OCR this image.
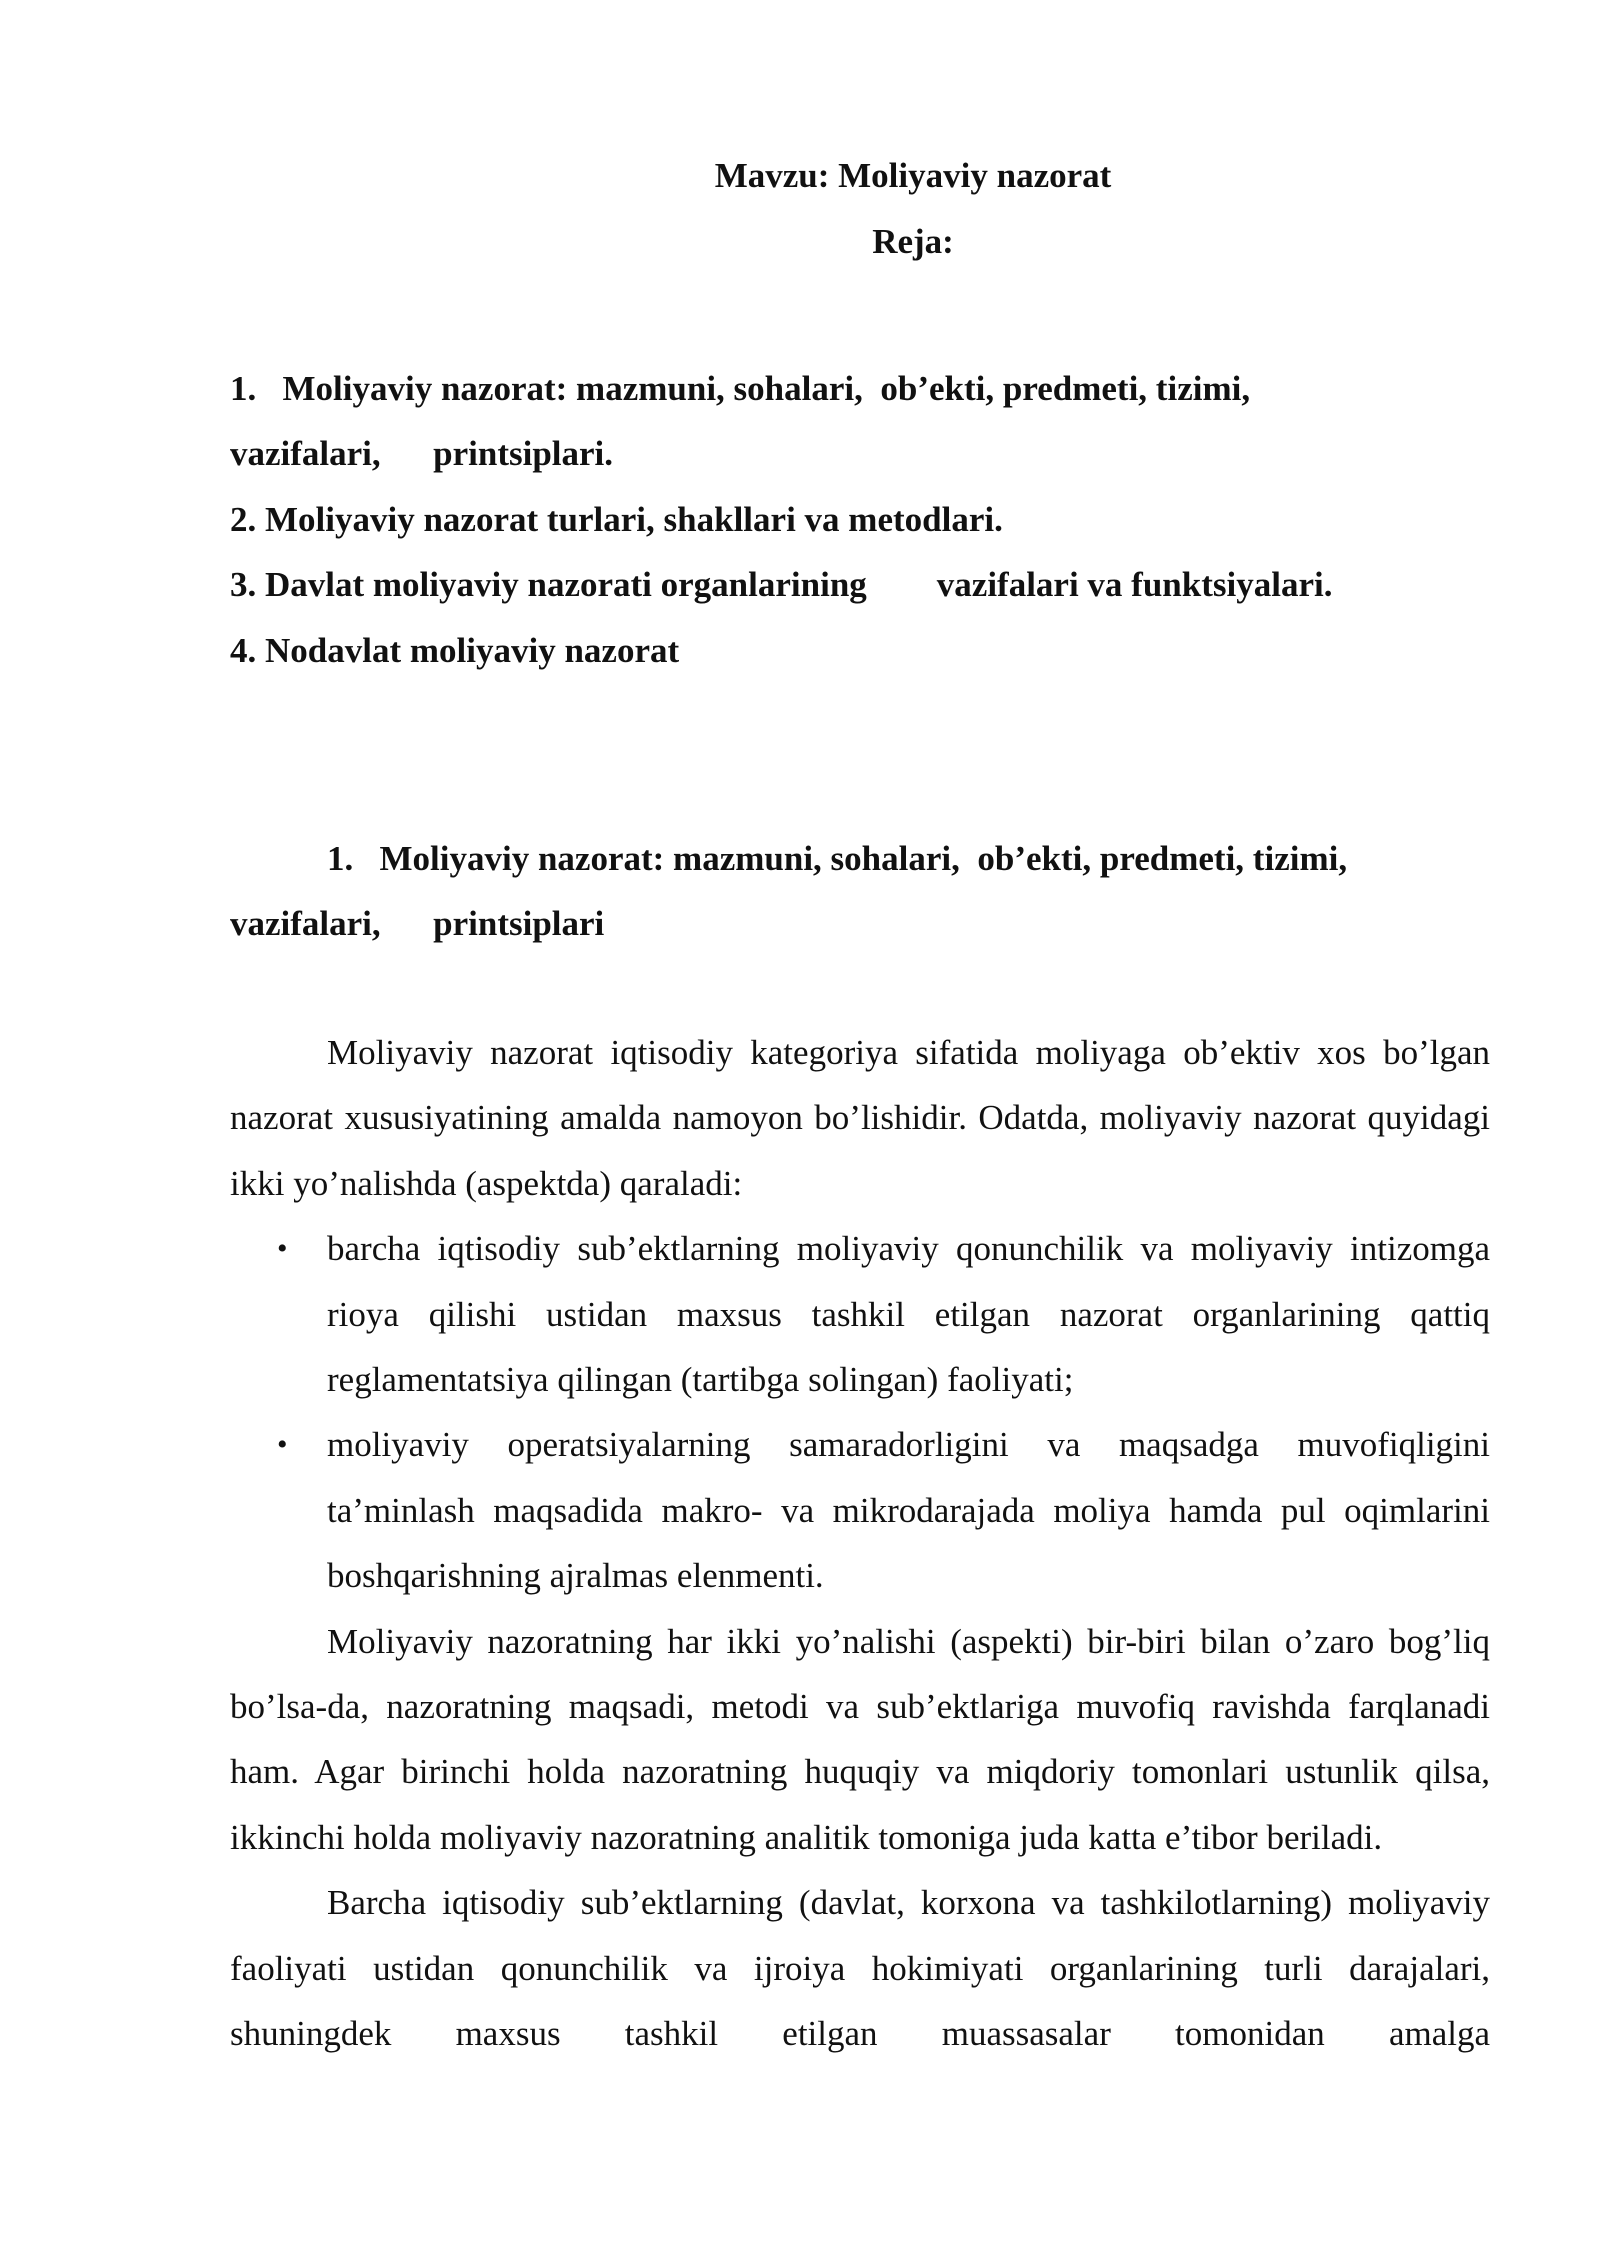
Mavzu: Moliyaviy nazorat
Reja:
1.   Moliyaviy nazorat: mazmuni, sohalari,  ob’ekti, predmeti, tizimi,
vazifalari,      printsiplari.
2. Moliyaviy nazorat turlari, shakllari va metodlari.
3. Davlat moliyaviy nazorati organlarining        vazifalari va funktsiyalari.
4. Nodavlat moliyaviy nazorat
1.   Moliyaviy nazorat: mazmuni, sohalari,  ob’ekti, predmeti, tizimi,
vazifalari,      printsiplari

Moliyaviy nazorat iqtisodiy kategoriya sifatida moliyaga ob’ektiv xos bo’lgan nazorat xususiyatining amalda namoyon bo’lishidir. Odatda, moliyaviy nazorat quyidagi ikki yo’nalishda (aspektda) qaraladi:

• barcha iqtisodiy sub’ektlarning moliyaviy qonunchilik va moliyaviy intizomga rioya qilishi ustidan maxsus tashkil etilgan nazorat organlarining qattiq reglamentatsiya qilingan (tartibga solingan) faoliyati;
• moliyaviy operatsiyalarning samaradorligini va maqsadga muvofiqligini ta’minlash maqsadida makro- va mikrodarajada moliya hamda pul oqimlarini boshqarishning ajralmas elenmenti.

Moliyaviy nazoratning har ikki yo’nalishi (aspekti) bir-biri bilan o’zaro bog’liq bo’lsa-da, nazoratning maqsadi, metodi va sub’ektlariga muvofiq ravishda farqlanadi ham. Agar birinchi holda nazoratning huquqiy va miqdoriy tomonlari ustunlik qilsa, ikkinchi holda moliyaviy nazoratning analitik tomoniga juda katta e’tibor beriladi.

Barcha iqtisodiy sub’ektlarning (davlat, korxona va tashkilotlarning) moliyaviy faoliyati ustidan qonunchilik va ijroiya hokimiyati organlarining turli darajalari, shuningdek maxsus tashkil etilgan muassasalar tomonidan amalga
